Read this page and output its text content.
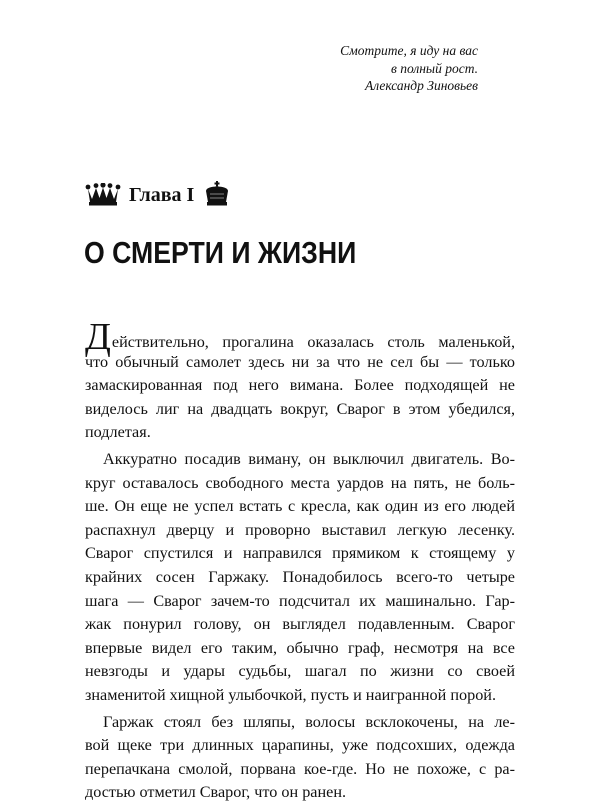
Смотрите, я иду на вас
в полный рост.
Александр Зиновьев
Глава I
О СМЕРТИ И ЖИЗНИ
Действительно, прогалина оказалась столь маленькой,
что обычный самолет здесь ни за что не сел бы — только
замаскированная под него вимана. Более подходящей не
виделось лиг на двадцать вокруг, Сварог в этом убедился,
подлетая.
Аккуратно посадив виману, он выключил двигатель. Во-
круг оставалось свободного места уардов на пять, не боль-
ше. Он еще не успел встать с кресла, как один из его людей
распахнул дверцу и проворно выставил легкую лесенку.
Сварог спустился и направился прямиком к стоящему у
крайних сосен Гаржаку. Понадобилось всего-то четыре
шага — Сварог зачем-то подсчитал их машинально. Гар-
жак понурил голову, он выглядел подавленным. Сварог
впервые видел его таким, обычно граф, несмотря на все
невзгоды и удары судьбы, шагал по жизни со своей
знаменитой хищной улыбочкой, пусть и наигранной порой.
Гаржак стоял без шляпы, волосы всклокочены, на ле-
вой щеке три длинных царапины, уже подсохших, одежда
перепачкана смолой, порвана кое-где. Но не похоже, с ра-
достью отметил Сварог, что он ранен.
